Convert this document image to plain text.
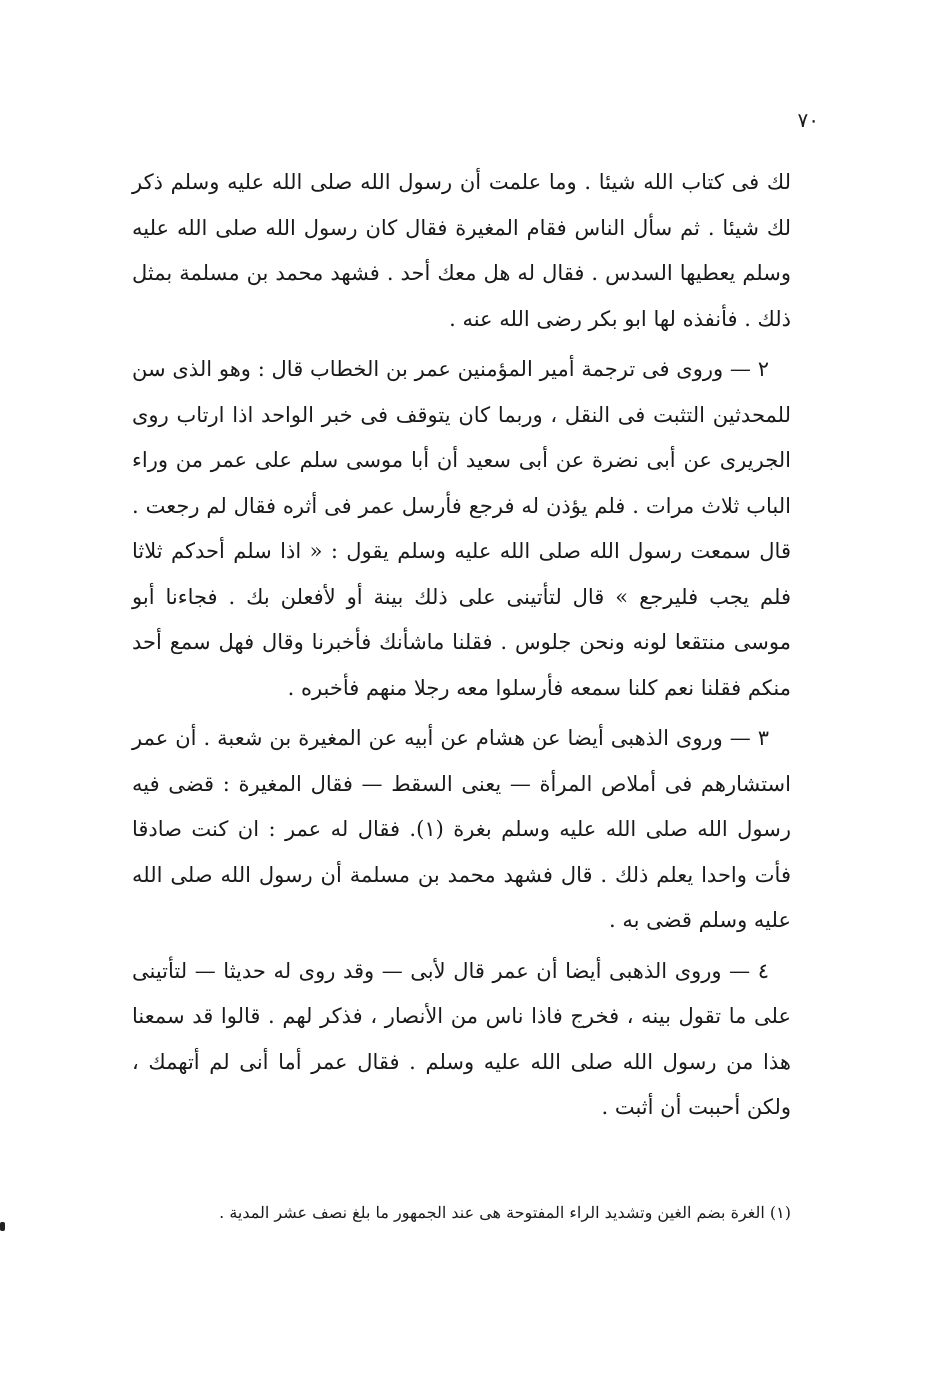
٧٠

لك فى كتاب الله شيئا . وما علمت أن رسول الله صلى الله عليه وسلم ذكر لك شيئا . ثم سأل الناس فقام المغيرة فقال كان رسول الله صلى الله عليه وسلم يعطيها السدس . فقال له هل معك أحد . فشهد محمد بن مسلمة بمثل ذلك . فأنفذه لها ابو بكر رضى الله عنه .

٢ — وروى فى ترجمة أمير المؤمنين عمر بن الخطاب قال : وهو الذى سن للمحدثين التثبت فى النقل ، وربما كان يتوقف فى خبر الواحد اذا ارتاب روى الجريرى عن أبى نضرة عن أبى سعيد أن أبا موسى سلم على عمر من وراء الباب ثلاث مرات . فلم يؤذن له فرجع فأرسل عمر فى أثره فقال لم رجعت . قال سمعت رسول الله صلى الله عليه وسلم يقول : « اذا سلم أحدكم ثلاثا فلم يجب فليرجع » قال لتأتينى على ذلك بينة أو لأفعلن بك . فجاءنا أبو موسى منتقعا لونه ونحن جلوس . فقلنا ماشأنك فأخبرنا وقال فهل سمع أحد منكم فقلنا نعم كلنا سمعه فأرسلوا معه رجلا منهم فأخبره .

٣ — وروى الذهبى أيضا عن هشام عن أبيه عن المغيرة بن شعبة . أن عمر استشارهم فى أملاص المرأة — يعنى السقط — فقال المغيرة : قضى فيه رسول الله صلى الله عليه وسلم بغرة (١). فقال له عمر : ان كنت صادقا فأت واحدا يعلم ذلك . قال فشهد محمد بن مسلمة أن رسول الله صلى الله عليه وسلم قضى به .

٤ — وروى الذهبى أيضا أن عمر قال لأبى — وقد روى له حديثا — لتأتينى على ما تقول بينه ، فخرج فاذا ناس من الأنصار ، فذكر لهم . قالوا قد سمعنا هذا من رسول الله صلى الله عليه وسلم . فقال عمر أما أنى لم أتهمك ، ولكن أحببت أن أثبت .

(١) الغرة بضم الغين وتشديد الراء المفتوحة هى عند الجمهور ما بلغ نصف عشر المدية .
